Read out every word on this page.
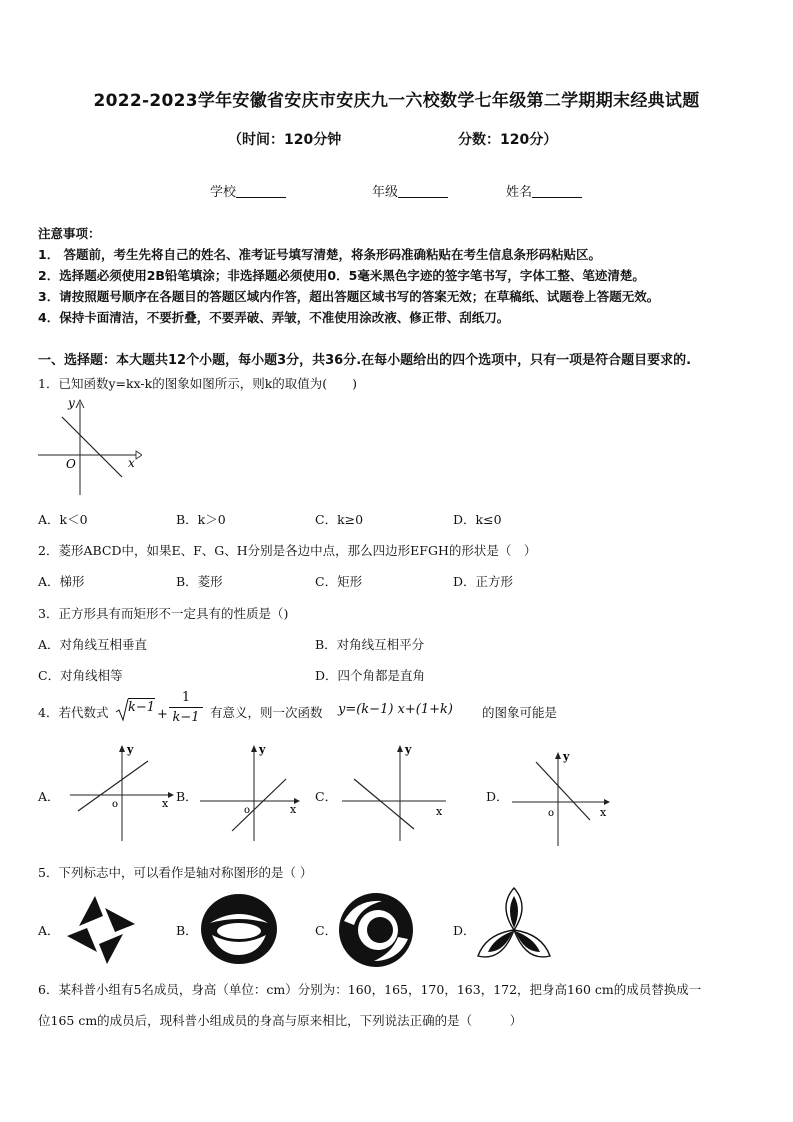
2022-2023学年安徽省安庆市安庆九一六校数学七年级第二学期期末经典试题
（时间：120分钟	分数：120分）
学校	年级	姓名
注意事项：
1． 答题前，考生先将自己的姓名、准考证号填写清楚，将条形码准确粘贴在考生信息条形码粘贴区。
2．选择题必须使用2B铅笔填涂；非选择题必须使用0．5毫米黑色字迹的签字笔书写，字体工整、笔迹清楚。
3．请按照题号顺序在各题目的答题区域内作答，超出答题区域书写的答案无效；在草稿纸、试题卷上答题无效。
4．保持卡面清洁，不要折叠，不要弄破、弄皱，不准使用涂改液、修正带、刮纸刀。
一、选择题：本大题共12个小题，每小题3分，共36分.在每小题给出的四个选项中，只有一项是符合题目要求的.
1．已知函数y=kx-k的图象如图所示，则k的取值为(　　)
y
x
O
A．k＜0	B．k＞0	C．k≥0	D．k≤0
2．菱形ABCD中，如果E、F、G、H分别是各边中点，那么四边形EFGH的形状是（　）
A．梯形	B．菱形	C．矩形	D．正方形
3．正方形具有而矩形不一定具有的性质是（)
A．对角线互相垂直	B．对角线互相平分
C．对角线相等	D．四个角都是直角
4．若代数式 $k-1 + \frac{1}{k-1}$ 有意义，则一次函数 y=(k−1) x+(1+k) 的图象可能是
A．
y
x
o
B．
y
x
o
C．
y
x
D．
y
x
o
5．下列标志中，可以看作是轴对称图形的是（ ）
A．	B．	C．	D．
6．某科普小组有5名成员，身高（单位：cm）分别为：160，165，170，163，172，把身高160 cm的成员替换成一
位165 cm的成员后，现科普小组成员的身高与原来相比，下列说法正确的是（　　　）
